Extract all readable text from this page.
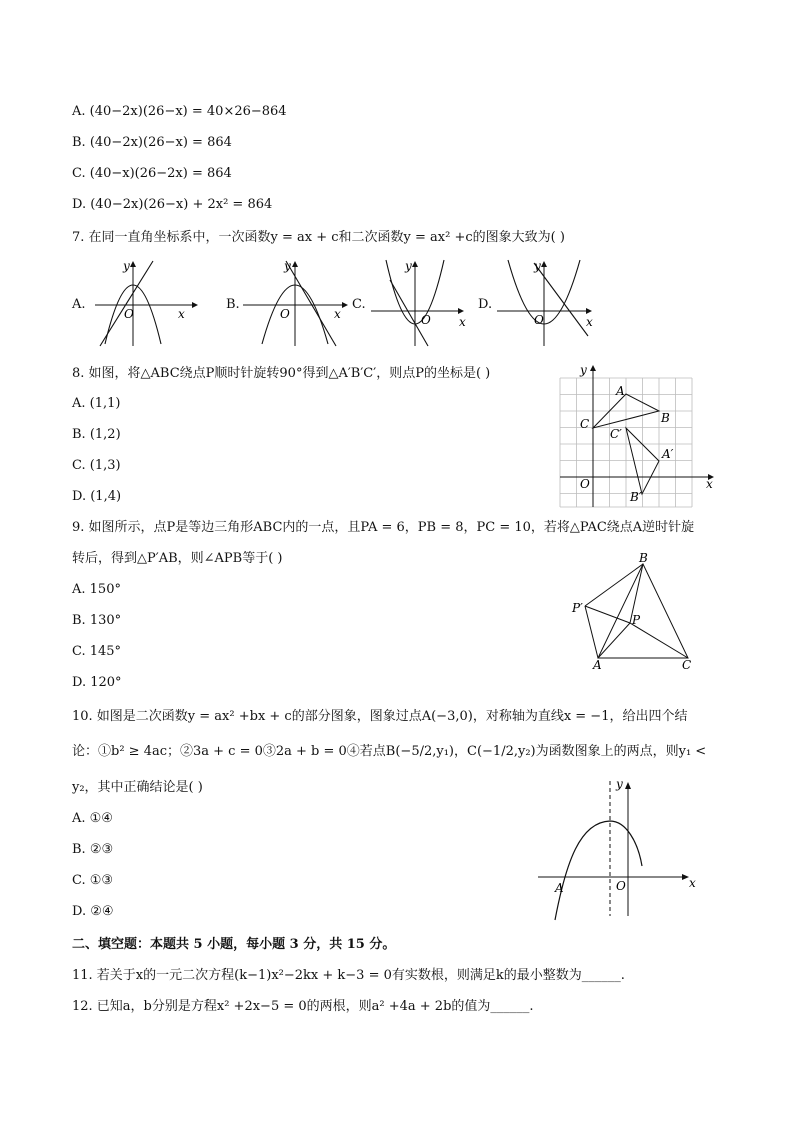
A. (40−2x)(26−x) = 40×26−864
B. (40−2x)(26−x) = 864
C. (40−x)(26−2x) = 864
D. (40−2x)(26−x) + 2x² = 864
7. 在同一直角坐标系中，一次函数y = ax + c和二次函数y = ax² +c的图象大致为( )
A.
y
x
O
B.
y
x
O
C.
y
x
O
D.
y
x
O
8. 如图，将△ABC绕点P顺时针旋转90°得到△A′B′C′，则点P的坐标是( )
A. (1,1)
B. (1,2)
C. (1,3)
D. (1,4)
y
x
O
A
B
C
C′
A′
B′
9. 如图所示，点P是等边三角形ABC内的一点，且PA = 6，PB = 8，PC = 10，若将△PAC绕点A逆时针旋
转后，得到△P′AB，则∠APB等于( )
A. 150°
B. 130°
C. 145°
D. 120°
B
P′
P
A	C
10. 如图是二次函数y = ax² +bx + c的部分图象，图象过点A(−3,0)，对称轴为直线x = −1，给出四个结
论：①b² ≥ 4ac；②3a + c = 0③2a + b = 0④若点B(−5/2,y₁)，C(−1/2,y₂)为函数图象上的两点，则y₁ <
y₂，其中正确结论是( )
A. ①④
B. ②③
C. ①③
D. ②④
y
x
A	O
二、填空题：本题共 5 小题，每小题 3 分，共 15 分。
11. 若关于x的一元二次方程(k−1)x²−2kx + k−3 = 0有实数根，则满足k的最小整数为______.
12. 已知a，b分别是方程x² +2x−5 = 0的两根，则a² +4a + 2b的值为______.
